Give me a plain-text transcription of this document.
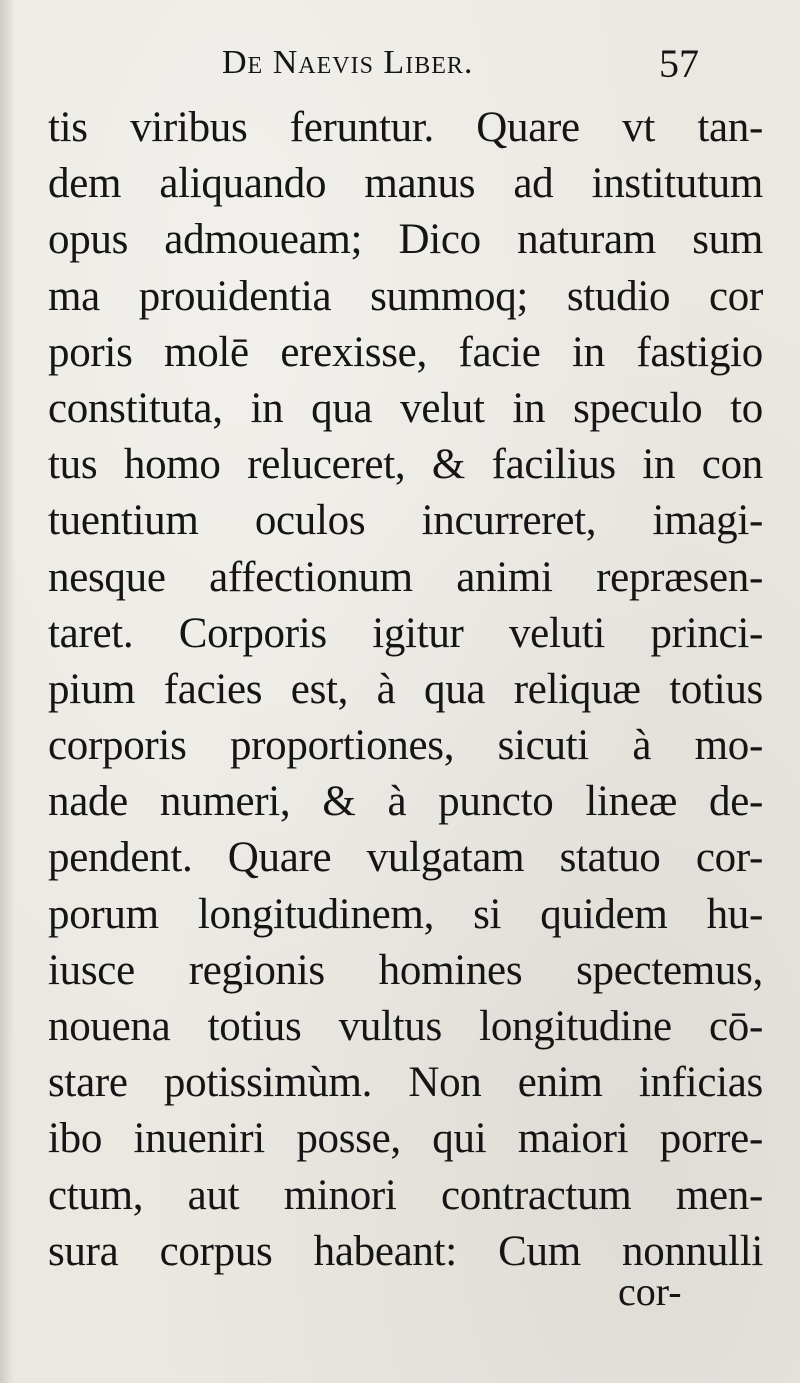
De Naevis Liber.	57
tis viribus feruntur. Quare vt tan-
dem aliquando manus ad institutum
opus admoueam; Dico naturam sum
ma prouidentia summoq; studio cor
poris molē erexisse, facie in fastigio
constituta, in qua velut in speculo to
tus homo reluceret, & facilius in con
tuentium oculos incurreret, imagi-
nesque affectionum animi repræsen-
taret. Corporis igitur veluti princi-
pium facies est, à qua reliquæ totius
corporis proportiones, sicuti à mo-
nade numeri, & à puncto lineæ de-
pendent. Quare vulgatam statuo cor-
porum longitudinem, si quidem hu-
iusce regionis homines spectemus,
nouena totius vultus longitudine cō-
stare potissimùm. Non enim inficias
ibo inueniri posse, qui maiori porre-
ctum, aut minori contractum men-
sura corpus habeant: Cum nonnulli
cor-
